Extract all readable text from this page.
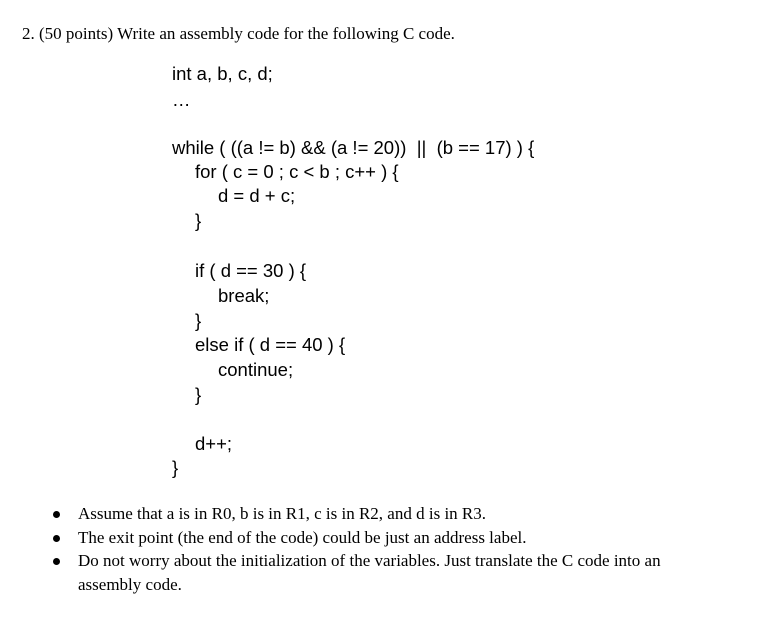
2. (50 points) Write an assembly code for the following C code.
int a, b, c, d;
…
while ( ((a != b) && (a != 20))  ||  (b == 17) ) {
for ( c = 0 ; c < b ; c++ ) {
d = d + c;
}
if ( d == 30 ) {
break;
}
else if ( d == 40 ) {
continue;
}
d++;
}
Assume that a is in R0, b is in R1, c is in R2, and d is in R3.
The exit point (the end of the code) could be just an address label.
Do not worry about the initialization of the variables. Just translate the C code into an assembly code.
